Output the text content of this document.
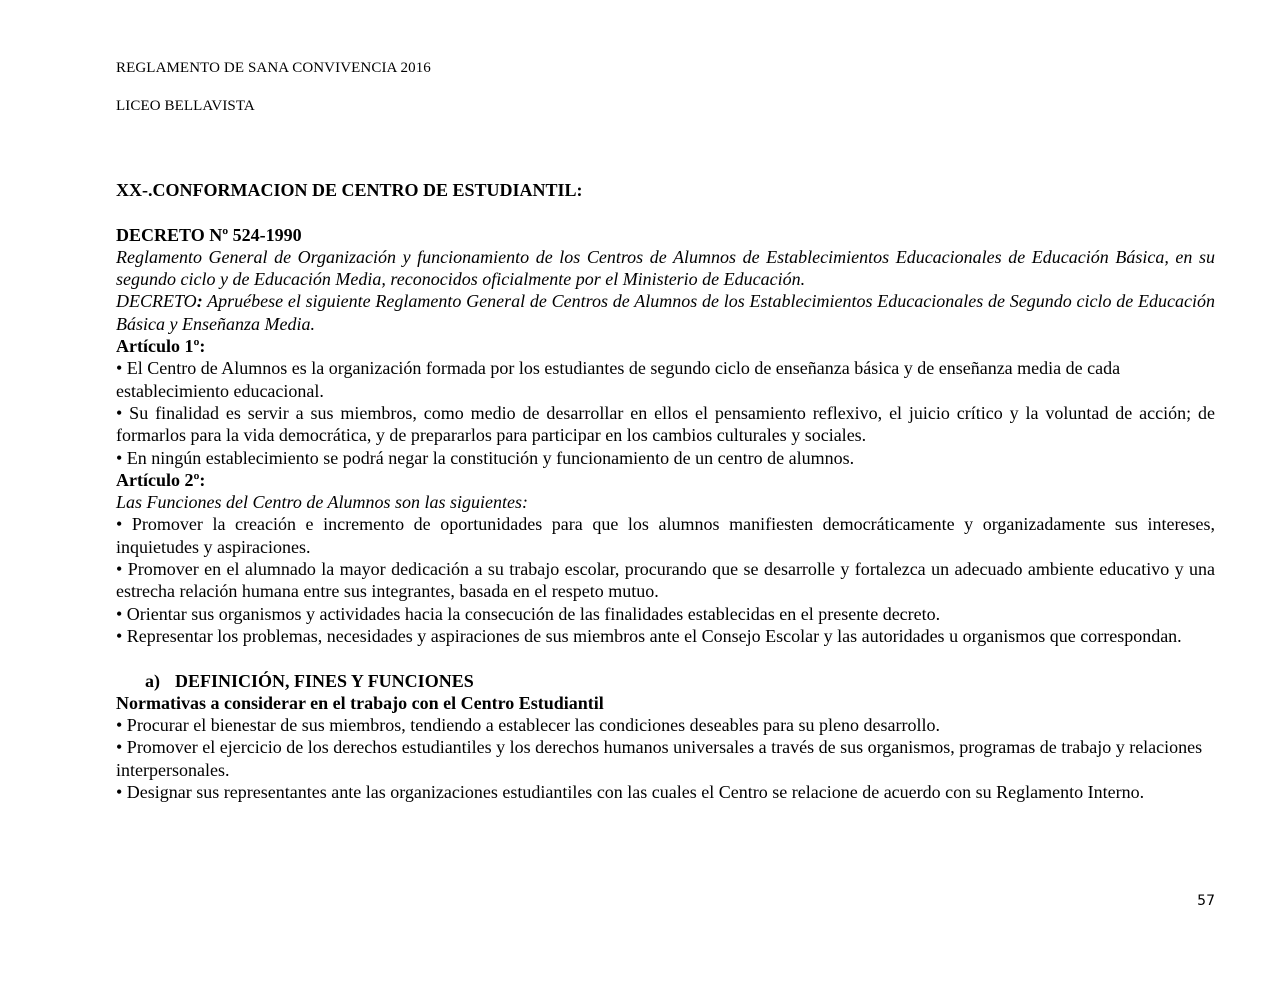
REGLAMENTO DE SANA CONVIVENCIA 2016
LICEO BELLAVISTA

XX-.CONFORMACION DE CENTRO DE ESTUDIANTIL:

DECRETO Nº 524-1990

Reglamento General de Organización y funcionamiento de los Centros de Alumnos de Establecimientos Educacionales de Educación Básica, en su segundo ciclo y de Educación Media, reconocidos oficialmente por el Ministerio de Educación.

DECRETO: Apruébese el siguiente Reglamento General de Centros de Alumnos de los Establecimientos Educacionales de Segundo ciclo de Educación Básica y Enseñanza Media.

Artículo 1º:

• El Centro de Alumnos es la organización formada por los estudiantes de segundo ciclo de enseñanza básica y de enseñanza media de cada establecimiento educacional.

• Su finalidad es servir a sus miembros, como medio de desarrollar en ellos el pensamiento reflexivo, el juicio crítico y la voluntad de acción; de formarlos para la vida democrática, y de prepararlos para participar en los cambios culturales y sociales.

• En ningún establecimiento se podrá negar la constitución y funcionamiento de un centro de alumnos.

Artículo 2º:

Las Funciones del Centro de Alumnos son las siguientes:

• Promover la creación e incremento de oportunidades para que los alumnos manifiesten democráticamente y organizadamente sus intereses, inquietudes y aspiraciones.

• Promover en el alumnado la mayor dedicación a su trabajo escolar, procurando que se desarrolle y fortalezca un adecuado ambiente educativo y una estrecha relación humana entre sus integrantes, basada en el respeto mutuo.

• Orientar sus organismos y actividades hacia la consecución de las finalidades establecidas en el presente decreto.

• Representar los problemas, necesidades y aspiraciones de sus miembros ante el Consejo Escolar y las autoridades u organismos que correspondan.

a) DEFINICIÓN, FINES Y FUNCIONES

Normativas a considerar en el trabajo con el Centro Estudiantil

• Procurar el bienestar de sus miembros, tendiendo a establecer las condiciones deseables para su pleno desarrollo.

• Promover el ejercicio de los derechos estudiantiles y los derechos humanos universales a través de sus organismos, programas de trabajo y relaciones interpersonales.

• Designar sus representantes ante las organizaciones estudiantiles con las cuales el Centro se relacione de acuerdo con su Reglamento Interno.

57
